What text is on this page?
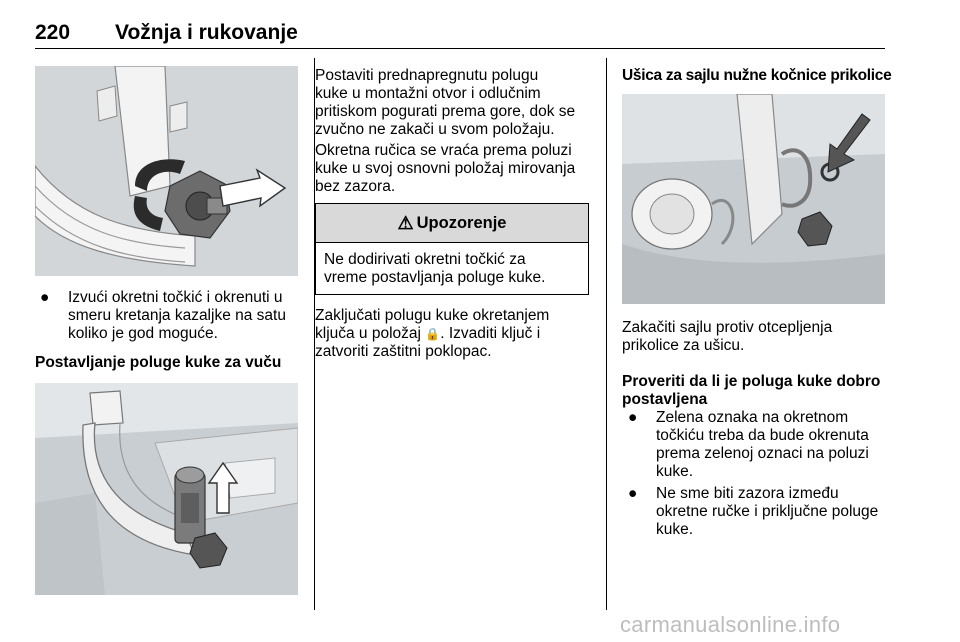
220 Vožnja i rukovanje
● Izvući okretni točkić i okrenuti u
smeru kretanja kazaljke na satu
koliko je god moguće.
Postavljanje poluge kuke za vuču
Postaviti prednapregnutu polugu
kuke u montažni otvor i odlučnim
pritiskom pogurati prema gore, dok se
zvučno ne zakači u svom položaju.
Okretna ručica se vraća prema poluzi
kuke u svoj osnovni položaj mirovanja
bez zazora.
⚠ Upozorenje
Ne dodirivati okretni točkić za
vreme postavljanja poluge kuke.
Zaključati polugu kuke okretanjem
ključa u položaj 🔒. Izvaditi ključ i
zatvoriti zaštitni poklopac.
Ušica za sajlu nužne kočnice prikolice
Zakačiti sajlu protiv otcepljenja
prikolice za ušicu.
Proveriti da li je poluga kuke dobro
postavljena
● Zelena oznaka na okretnom
točkiću treba da bude okrenuta
prema zelenoj oznaci na poluzi
kuke.
● Ne sme biti zazora između
okretne ručke i priključne poluge
kuke.
carmanualsonline.info
